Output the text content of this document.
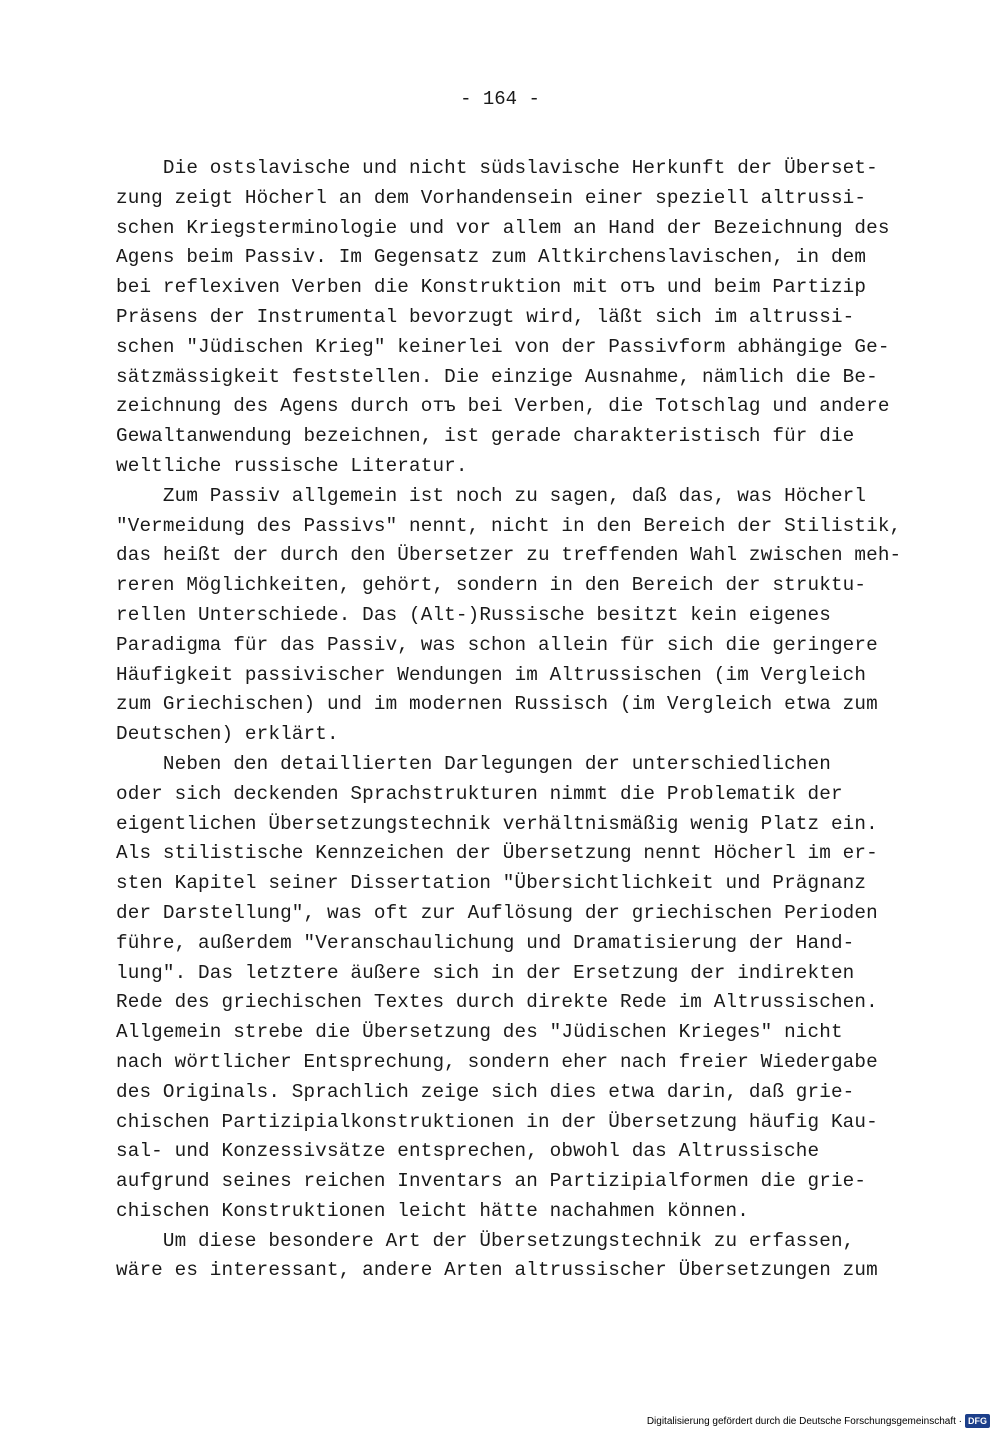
- 164 -
Die ostslavische und nicht südslavische Herkunft der Überset-
zung zeigt Höcherl an dem Vorhandensein einer speziell altrussi-
schen Kriegsterminologie und vor allem an Hand der Bezeichnung des
Agens beim Passiv. Im Gegensatz zum Altkirchenslavischen, in dem
bei reflexiven Verben die Konstruktion mit отъ und beim Partizip
Präsens der Instrumental bevorzugt wird, läßt sich im altrussi-
schen "Jüdischen Krieg" keinerlei von der Passivform abhängige Ge-
sätzmässigkeit feststellen. Die einzige Ausnahme, nämlich die Be-
zeichnung des Agens durch отъ bei Verben, die Totschlag und andere
Gewaltanwendung bezeichnen, ist gerade charakteristisch für die
weltliche russische Literatur.
Zum Passiv allgemein ist noch zu sagen, daß das, was Höcherl
"Vermeidung des Passivs" nennt, nicht in den Bereich der Stilistik,
das heißt der durch den Übersetzer zu treffenden Wahl zwischen meh-
reren Möglichkeiten, gehört, sondern in den Bereich der struktu-
rellen Unterschiede. Das (Alt-)Russische besitzt kein eigenes
Paradigma für das Passiv, was schon allein für sich die geringere
Häufigkeit passivischer Wendungen im Altrussischen (im Vergleich
zum Griechischen) und im modernen Russisch (im Vergleich etwa zum
Deutschen) erklärt.
Neben den detaillierten Darlegungen der unterschiedlichen
oder sich deckenden Sprachstrukturen nimmt die Problematik der
eigentlichen Übersetzungstechnik verhältnismäßig wenig Platz ein.
Als stilistische Kennzeichen der Übersetzung nennt Höcherl im er-
sten Kapitel seiner Dissertation "Übersichtlichkeit und Prägnanz
der Darstellung", was oft zur Auflösung der griechischen Perioden
führe, außerdem "Veranschaulichung und Dramatisierung der Hand-
lung". Das letztere äußere sich in der Ersetzung der indirekten
Rede des griechischen Textes durch direkte Rede im Altrussischen.
Allgemein strebe die Übersetzung des "Jüdischen Krieges" nicht
nach wörtlicher Entsprechung, sondern eher nach freier Wiedergabe
des Originals. Sprachlich zeige sich dies etwa darin, daß grie-
chischen Partizipialkonstruktionen in der Übersetzung häufig Kau-
sal- und Konzessivsätze entsprechen, obwohl das Altrussische
aufgrund seines reichen Inventars an Partizipialformen die grie-
chischen Konstruktionen leicht hätte nachahmen können.
Um diese besondere Art der Übersetzungstechnik zu erfassen,
wäre es interessant, andere Arten altrussischer Übersetzungen zum
Digitalisierung gefördert durch die Deutsche Forschungsgemeinschaft · DFG
